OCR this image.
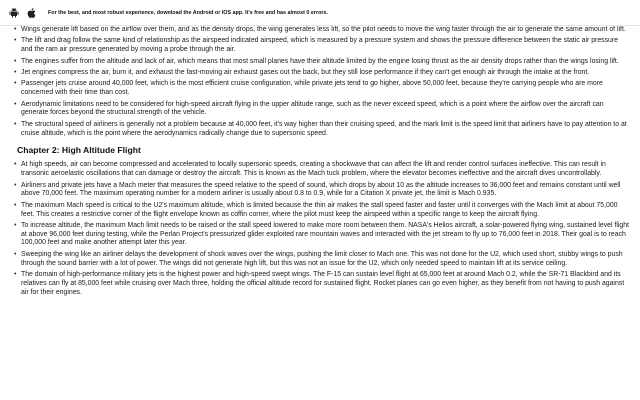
For the best, and most robust experience, download the Android or IOS app. It's free and has almost 0 errors.
• Wings generate lift based on the airflow over them, and as the density drops, the wing generates less lift, so the pilot needs to move the wing faster through the air to generate the same amount of lift.
• The lift and drag follow the same kind of relationship as the airspeed indicated airspeed, which is measured by a pressure system and shows the pressure difference between the static air pressure and the ram air pressure generated by moving a probe through the air.
• The engines suffer from the altitude and lack of air, which means that most small planes have their altitude limited by the engine losing thrust as the air density drops rather than the wings losing lift.
• Jet engines compress the air, burn it, and exhaust the fast-moving air exhaust gases out the back, but they still lose performance if they can't get enough air through the intake at the front.
• Passenger jets cruise around 40,000 feet, which is the most efficient cruise configuration, while private jets tend to go higher, above 50,000 feet, because they're carrying people who are more concerned with their time than cost.
• Aerodynamic limitations need to be considered for high-speed aircraft flying in the upper altitude range, such as the never exceed speed, which is a point where the airflow over the aircraft can generate forces beyond the structural strength of the vehicle.
• The structural speed of airliners is generally not a problem because at 40,000 feet, it's way higher than their cruising speed, and the mark limit is the speed limit that airliners have to pay attention to at cruise altitude, which is the point where the aerodynamics radically change due to supersonic speed.
Chapter 2: High Altitude Flight
• At high speeds, air can become compressed and accelerated to locally supersonic speeds, creating a shockwave that can affect the lift and render control surfaces ineffective. This can result in transonic aeroelastic oscillations that can damage or destroy the aircraft. This is known as the Mach tuck problem, where the elevator becomes ineffective and the aircraft dives uncontrollably.
• Airliners and private jets have a Mach meter that measures the speed relative to the speed of sound, which drops by about 10 as the altitude increases to 36,000 feet and remains constant until well above 70,000 feet. The maximum operating number for a modern airliner is usually about 0.8 to 0.9, while for a Citation X private jet, the limit is Mach 0.935.
• The maximum Mach speed is critical to the U2's maximum altitude, which is limited because the thin air makes the stall speed faster and faster until it converges with the Mach limit at about 75,000 feet. This creates a restrictive corner of the flight envelope known as coffin corner, where the pilot must keep the airspeed within a specific range to keep the aircraft flying.
• To increase altitude, the maximum Mach limit needs to be raised or the stall speed lowered to make more room between them. NASA's Helios aircraft, a solar-powered flying wing, sustained level flight at above 96,000 feet during testing, while the Perlan Project's pressurized glider exploited rare mountain waves and interacted with the jet stream to fly up to 76,000 feet in 2018. Their goal is to reach 100,000 feet and make another attempt later this year.
• Sweeping the wing like an airliner delays the development of shock waves over the wings, pushing the limit closer to Mach one. This was not done for the U2, which used short, stubby wings to push through the sound barrier with a lot of power. The wings did not generate high lift, but this was not an issue for the U2, which only needed speed to maintain lift at its service ceiling.
• The domain of high-performance military jets is the highest power and high-speed swept wings. The F-15 can sustain level flight at 65,000 feet at around Mach 0.2, while the SR-71 Blackbird and its relatives can fly at 85,000 feet while cruising over Mach three, holding the official altitude record for sustained flight. Rocket planes can go even higher, as they benefit from not having to push against air for their engines.
